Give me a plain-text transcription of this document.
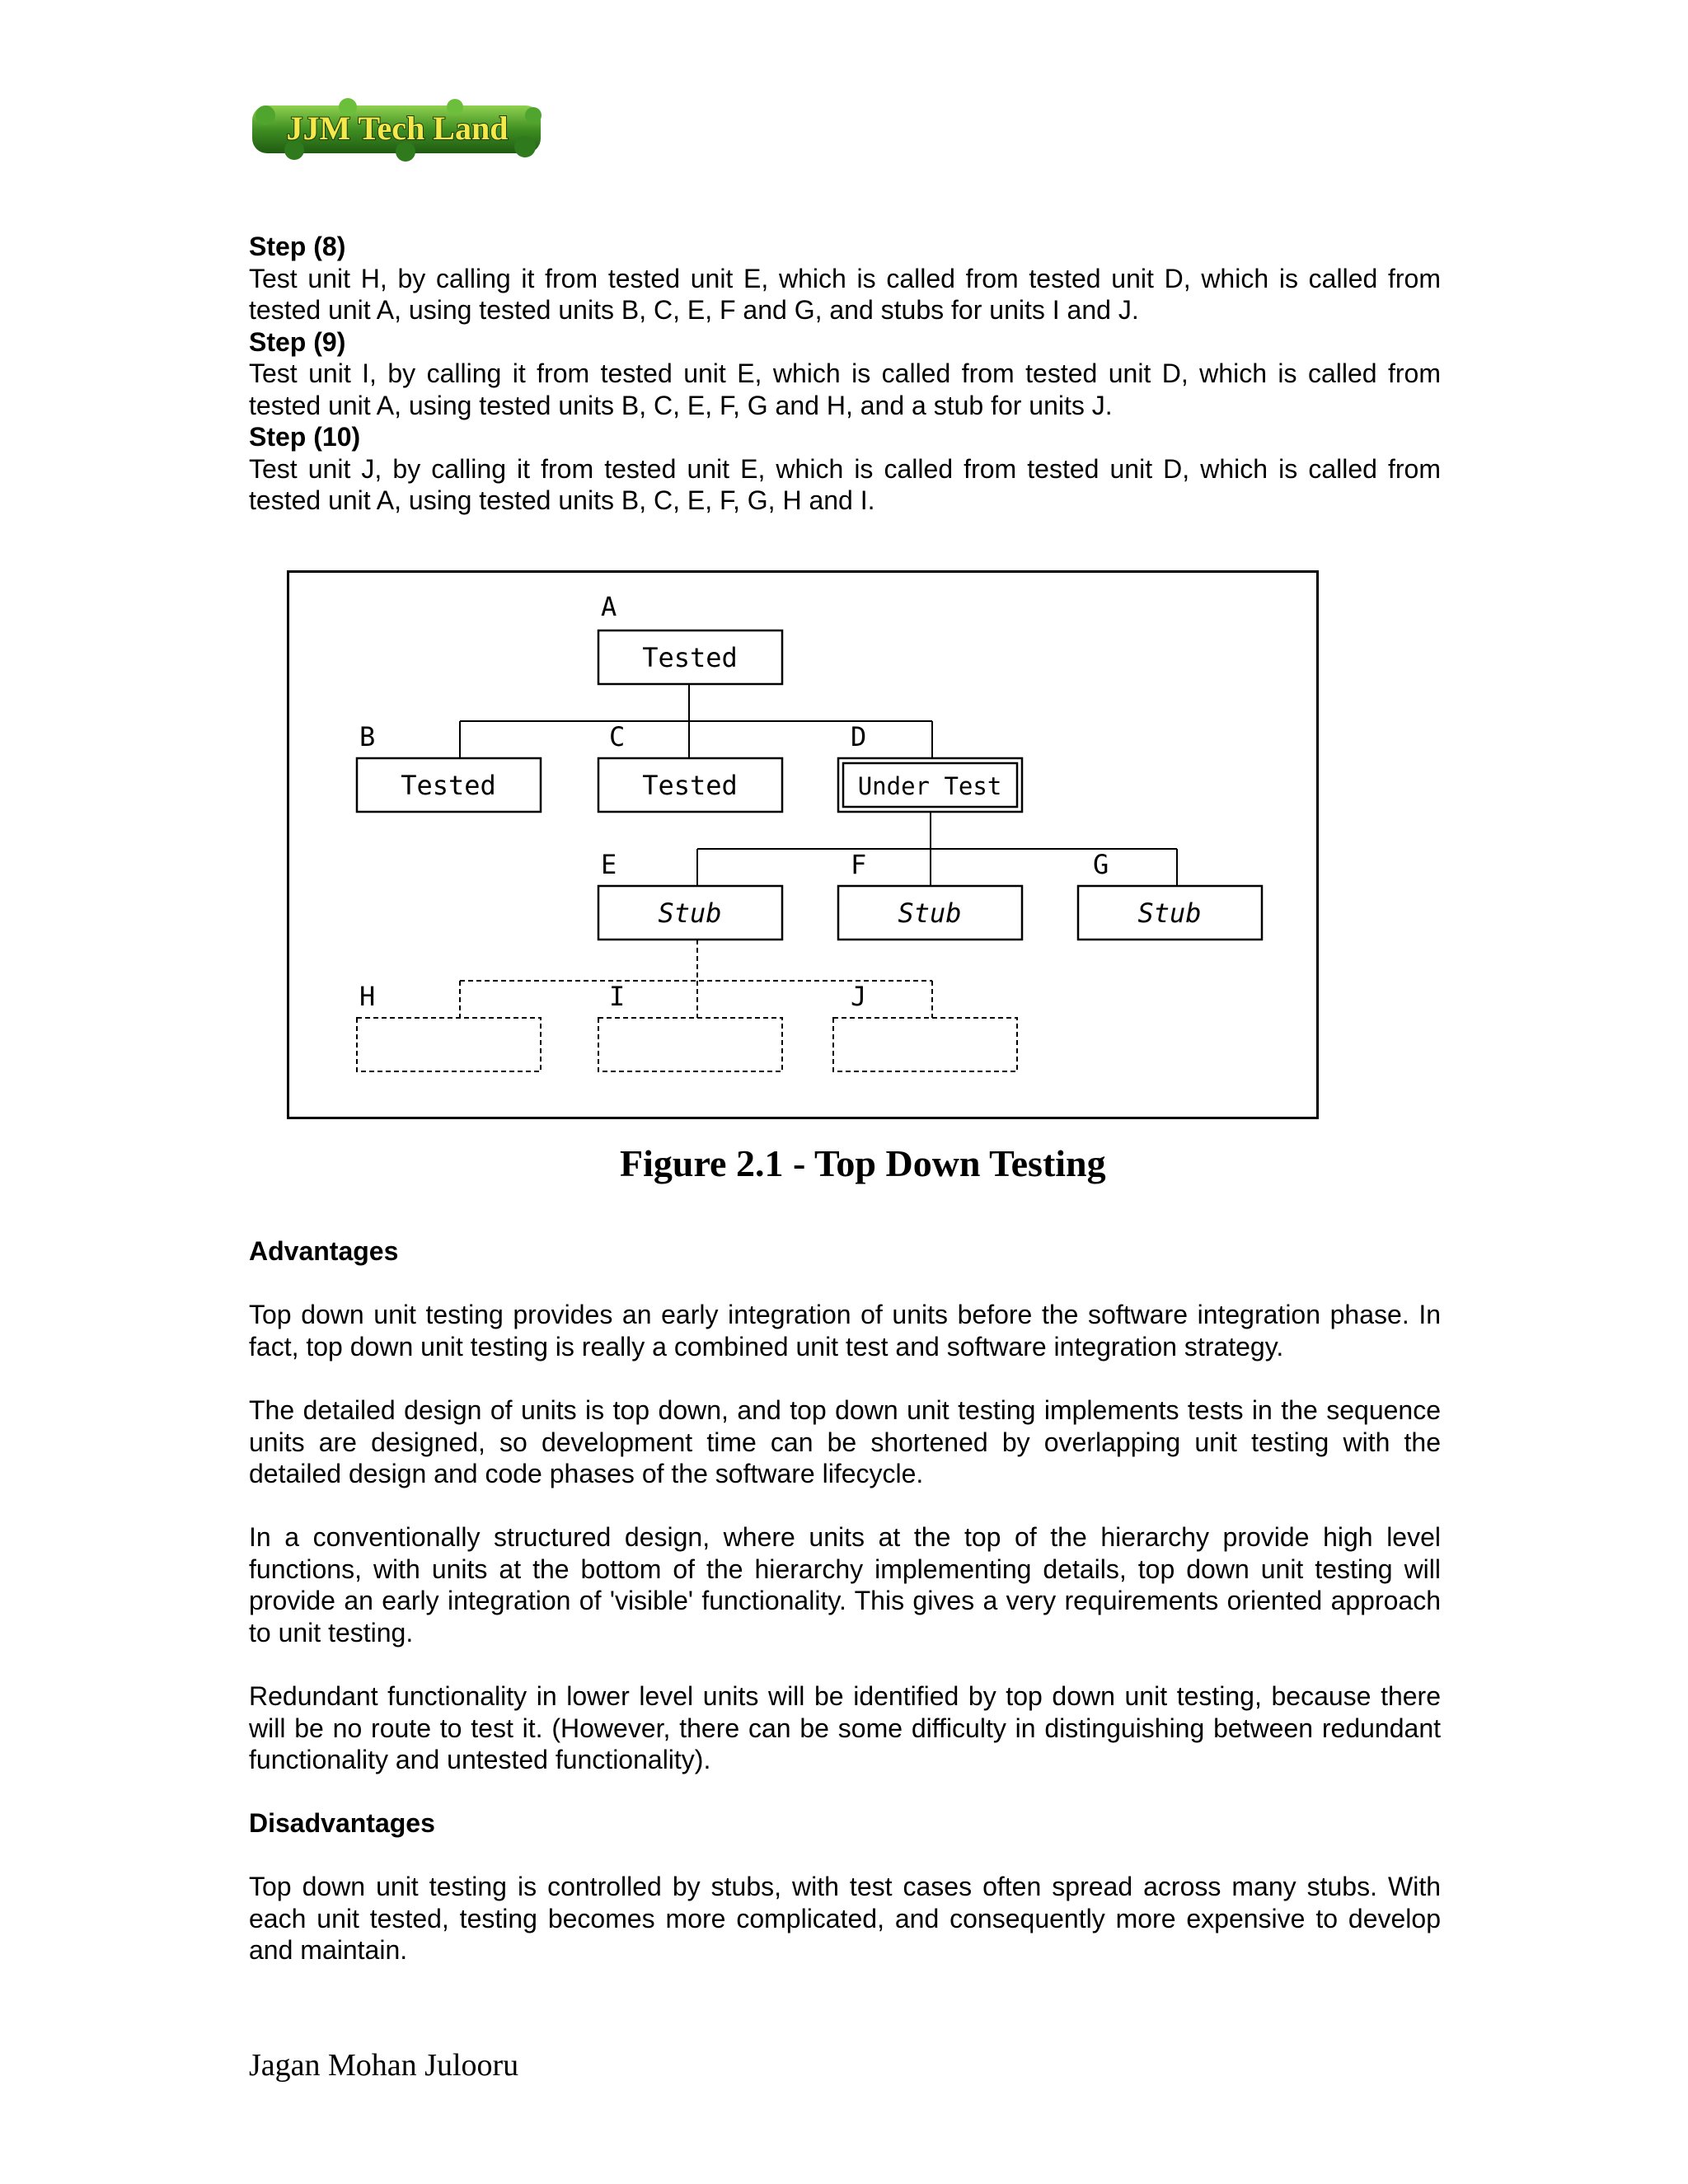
JJM Tech Land
Step (8)
Test unit H, by calling it from tested unit E, which is called from tested unit D, which is called from tested unit A, using tested units B, C, E, F and G, and stubs for units I and J.
Step (9)
Test unit I, by calling it from tested unit E, which is called from tested unit D, which is called from tested unit A, using tested units B, C, E, F, G and H, and a stub for units J.
Step (10)
Test unit J, by calling it from tested unit E, which is called from tested unit D, which is called from tested unit A, using tested units B, C, E, F, G, H and I.
A
B	C	D
E	F	G
H	I	J
Tested
Tested	Tested	Under Test
Stub	Stub	Stub
Figure 2.1 - Top Down Testing
Advantages
Top down unit testing provides an early integration of units before the software integration phase. In fact, top down unit testing is really a combined unit test and software integration strategy.
The detailed design of units is top down, and top down unit testing implements tests in the sequence units are designed, so development time can be shortened by overlapping unit testing with the detailed design and code phases of the software lifecycle.
In a conventionally structured design, where units at the top of the hierarchy provide high level functions, with units at the bottom of the hierarchy implementing details, top down unit testing will provide an early integration of 'visible' functionality. This gives a very requirements oriented approach to unit testing.
Redundant functionality in lower level units will be identified by top down unit testing, because there will be no route to test it. (However, there can be some difficulty in distinguishing between redundant functionality and untested functionality).
Disadvantages
Top down unit testing is controlled by stubs, with test cases often spread across many stubs. With each unit tested, testing becomes more complicated, and consequently more expensive to develop and maintain.
Jagan Mohan Julooru
